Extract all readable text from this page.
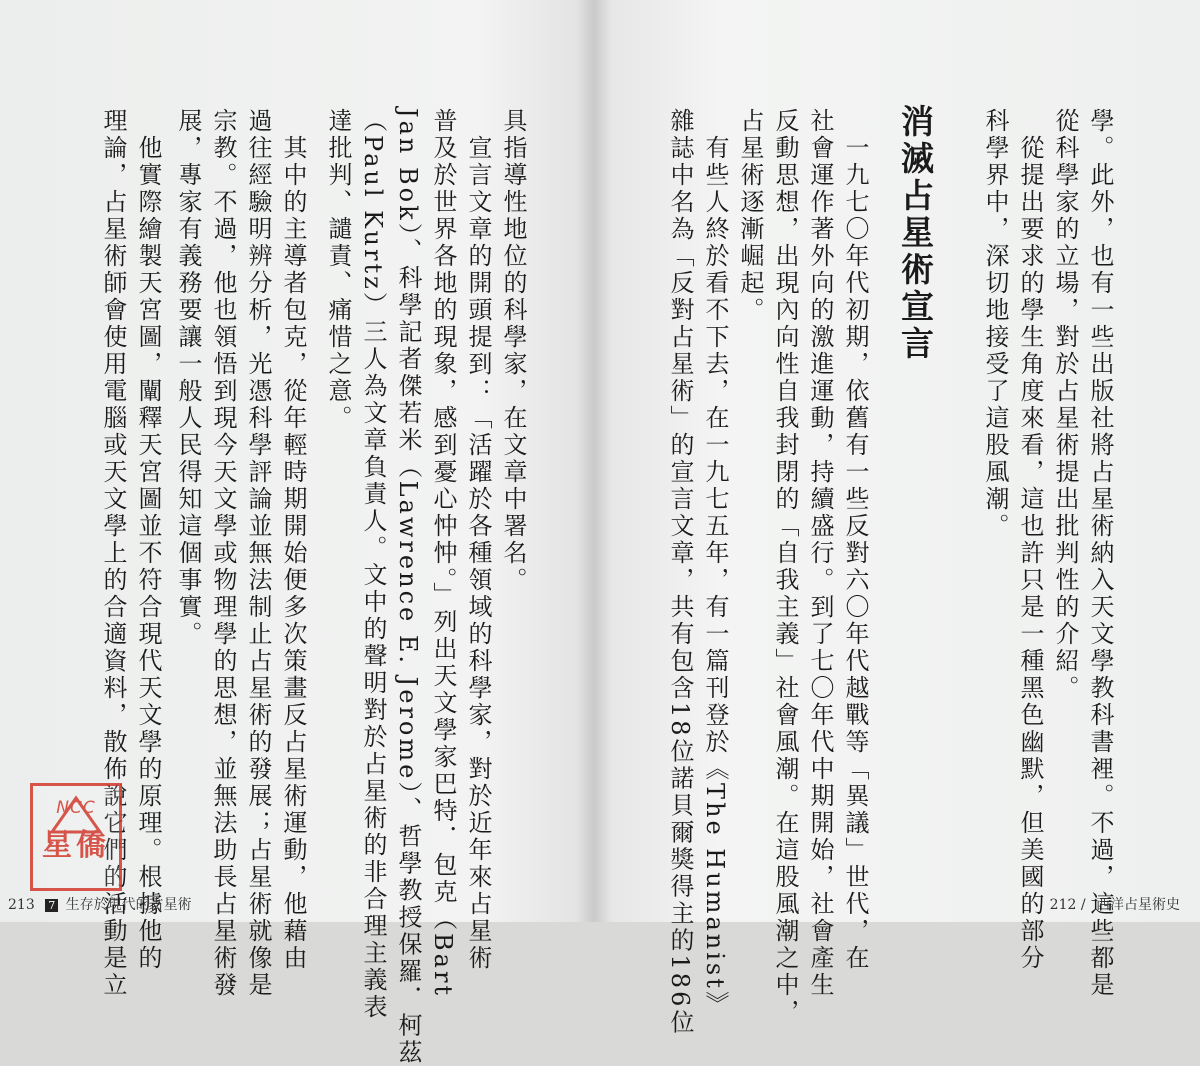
學。此外，也有一些出版社將占星術納入天文學教科書裡。不過，這些都是
從科學家的立場，對於占星術提出批判性的介紹。
　從提出要求的學生角度來看，這也許只是一種黑色幽默，但美國的部分
科學界中，深切地接受了這股風潮。
消滅占星術宣言
　一九七〇年代初期，依舊有一些反對六〇年代越戰等「異議」世代，在
社會運作著外向的激進運動，持續盛行。到了七〇年代中期開始，社會產生
反動思想，出現內向性自我封閉的「自我主義」社會風潮。在這股風潮之中，
占星術逐漸崛起。
　有些人終於看不下去，在一九七五年，有一篇刊登於《The Humanist》
雜誌中名為「反對占星術」的宣言文章，共有包含18位諾貝爾獎得主的186位	212 / 西洋占星術史
具指導性地位的科學家，在文章中署名。
　宣言文章的開頭提到：「活躍於各種領域的科學家，對於近年來占星術
普及於世界各地的現象，感到憂心忡忡。」列出天文學家巴特．包克（Bart
Jan Bok）、科學記者傑若米（Lawrence E. Jerome）、哲學教授保羅．柯茲
（Paul Kurtz）三人為文章負責人。文中的聲明對於占星術的非合理主義表
達批判、譴責、痛惜之意。
　其中的主導者包克，從年輕時期開始便多次策畫反占星術運動，他藉由
過往經驗明辨分析，光憑科學評論並無法制止占星術的發展；占星術就像是
宗教。不過，他也領悟到現今天文學或物理學的思想，並無法助長占星術發
展，專家有義務要讓一般人民得知這個事實。
　他實際繪製天宮圖，闡釋天宮圖並不符合現代天文學的原理。根據他的
理論，占星術師會使用電腦或天文學上的合適資料，散佈說它們的活動是立
213 7 生存於現代的占星術
NCC
星僑
